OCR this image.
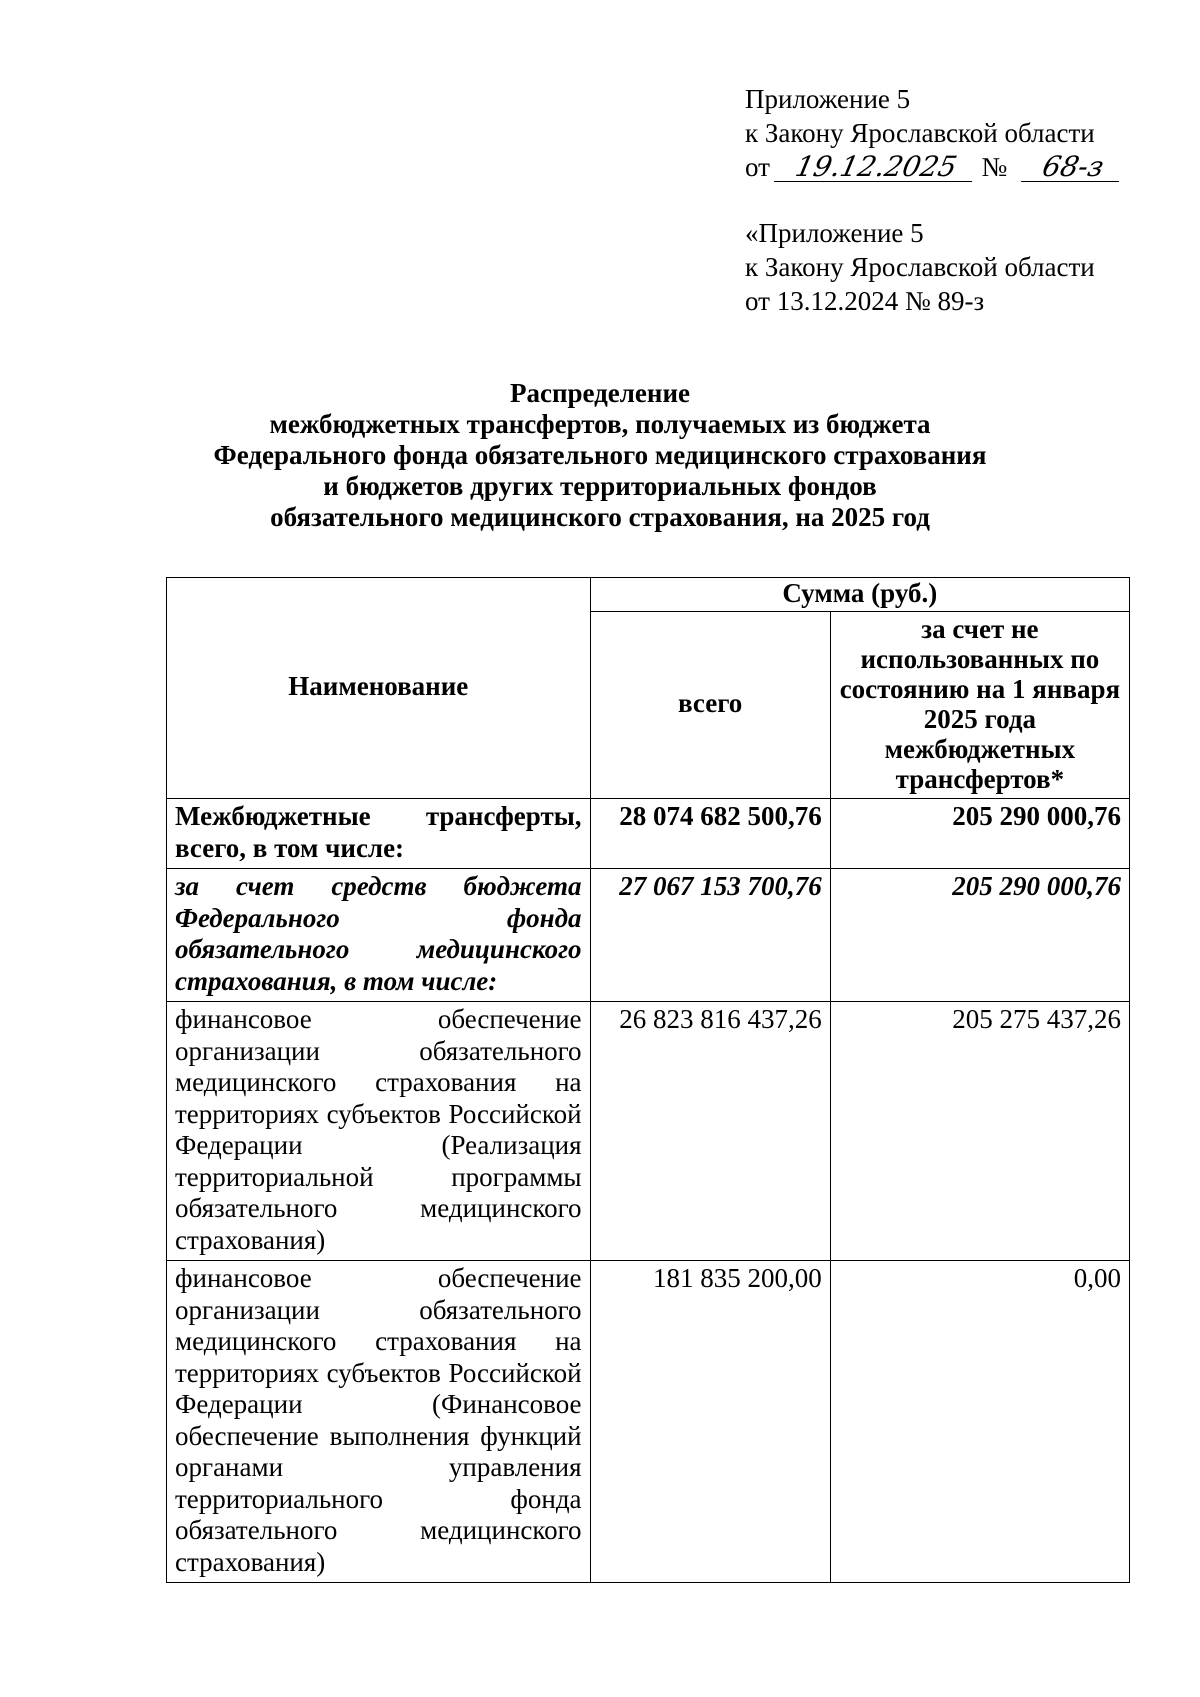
Приложение 5
к Закону Ярославской области
от 19.12.2025 № 68-з
«Приложение 5
к Закону Ярославской области
от 13.12.2024 № 89-з
Распределение
межбюджетных трансфертов, получаемых из бюджета
Федерального фонда обязательного медицинского страхования
и бюджетов других территориальных фондов
обязательного медицинского страхования, на 2025 год
Наименование	Сумма (руб.)	
	всего	за счет не использованных по состоянию на 1 января 2025 года межбюджетных трансфертов*
Межбюджетные трансферты, всего, в том числе:	28 074 682 500,76	205 290 000,76
за счет средств бюджета Федерального фонда обязательного медицинского страхования, в том числе:	27 067 153 700,76	205 290 000,76
финансовое обеспечение организации обязательного медицинского страхования на территориях субъектов Российской Федерации (Реализация территориальной программы обязательного медицинского страхования)	26 823 816 437,26	205 275 437,26
финансовое обеспечение организации обязательного медицинского страхования на территориях субъектов Российской Федерации (Финансовое обеспечение выполнения функций органами управления территориального фонда обязательного медицинского страхования)	181 835 200,00	0,00
